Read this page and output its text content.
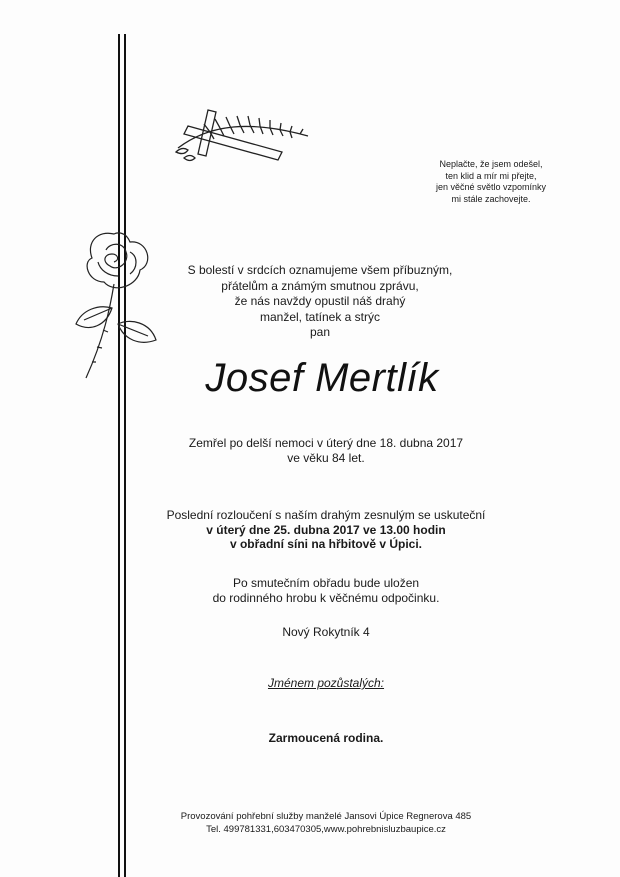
Neplačte, že jsem odešel,
ten klid a mír mi přejte,
jen věčné světlo vzpomínky
mi stále zachovejte.
S bolestí v srdcích oznamujeme všem příbuzným,
přátelům a známým smutnou zprávu,
že nás navždy opustil náš drahý
manžel, tatínek a strýc
pan
Josef Mertlík
Zemřel po delší nemoci v úterý dne 18. dubna 2017
ve věku 84 let.
Poslední rozloučení s naším drahým zesnulým se uskuteční
v úterý dne 25. dubna 2017 ve 13.00 hodin
v obřadní síni na hřbitově v Úpici.
Po smutečním obřadu bude uložen
do rodinného hrobu k věčnému odpočinku.
Nový Rokytník 4
Jménem pozůstalých:
Zarmoucená rodina.
Provozování pohřební služby manželé Jansovi Úpice Regnerova 485
Tel. 499781331,603470305,www.pohrebnisluzbaupice.cz
